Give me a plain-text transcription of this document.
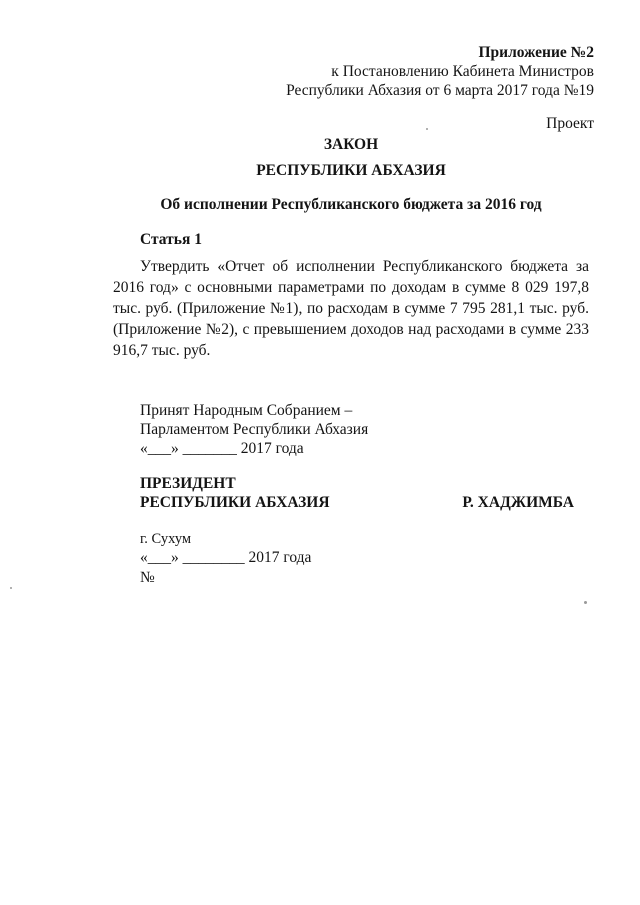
Приложение №2
к Постановлению Кабинета Министров
Республики Абхазия от 6 марта 2017 года №19
Проект
ЗАКОН
РЕСПУБЛИКИ АБХАЗИЯ
Об исполнении Республиканского бюджета за 2016 год
Статья 1

Утвердить «Отчет об исполнении Республиканского бюджета за 2016 год» с основными параметрами по доходам в сумме 8 029 197,8 тыс. руб. (Приложение №1), по расходам в сумме 7 795 281,1 тыс. руб. (Приложение №2), с превышением доходов над расходами в сумме 233 916,7 тыс. руб.

Принят Народным Собранием –
Парламентом Республики Абхазия
«___» _______ 2017 года
ПРЕЗИДЕНТ
РЕСПУБЛИКИ АБХАЗИЯ	Р. ХАДЖИМБА
г. Сухум
«___» ________ 2017 года
№
